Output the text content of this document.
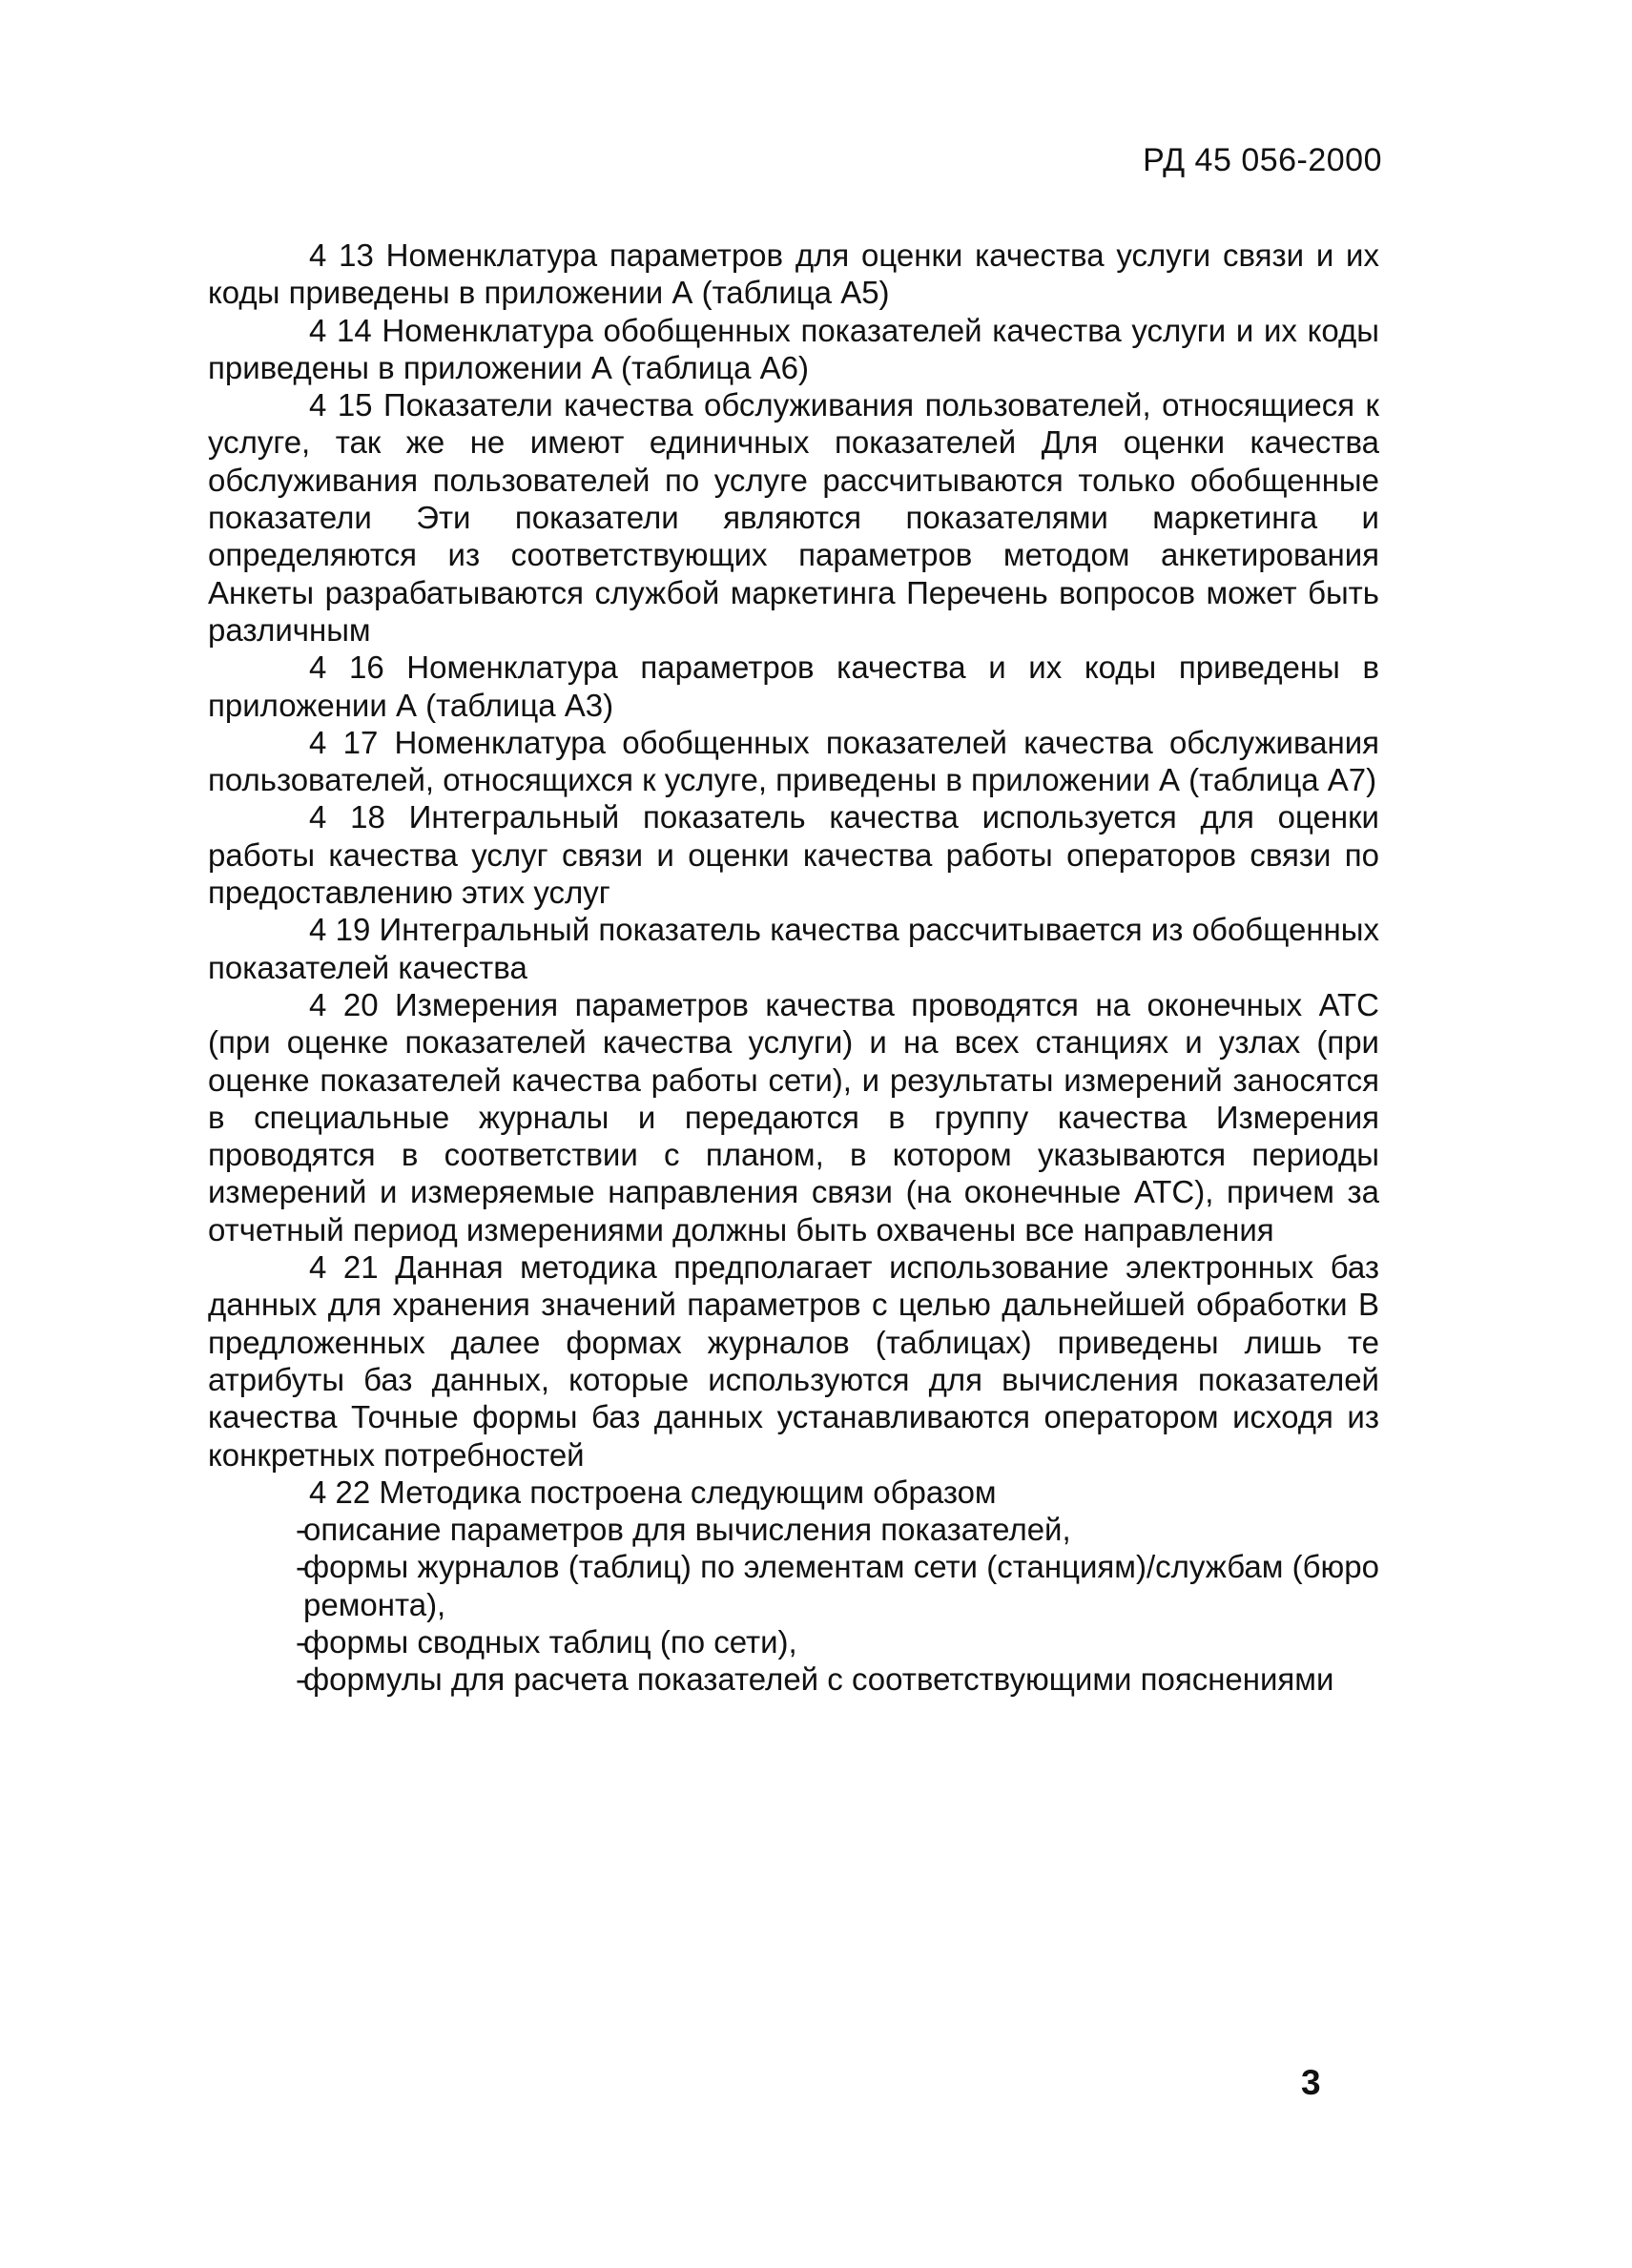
РД 45 056-2000

4 13 Номенклатура параметров для оценки качества услуги связи и их коды приведены в приложении А (таблица А5)

4 14 Номенклатура обобщенных показателей качества услуги и их коды приведены в приложении А (таблица А6)

4 15 Показатели качества обслуживания пользователей, относящиеся к услуге, так же не имеют единичных показателей Для оценки качества обслуживания пользователей по услуге рассчитываются только обобщенные показатели Эти показатели являются показателями маркетинга и определяются из соответствующих параметров методом анкетирования Анкеты разрабатываются службой маркетинга Перечень вопросов может быть различным

4 16 Номенклатура параметров качества и их коды приведены в приложении А (таблица А3)

4 17 Номенклатура обобщенных показателей качества обслуживания пользователей, относящихся к услуге, приведены в приложении А (таблица А7)

4 18 Интегральный показатель качества используется для оценки работы качества услуг связи и оценки качества работы операторов связи по предоставлению этих услуг

4 19 Интегральный показатель качества рассчитывается из обобщенных показателей качества

4 20 Измерения параметров качества проводятся на оконечных АТС (при оценке показателей качества услуги) и на всех станциях и узлах (при оценке показателей качества работы сети), и результаты измерений заносятся в специальные журналы и передаются в группу качества Измерения проводятся в соответствии с планом, в котором указываются периоды измерений и измеряемые направления связи (на оконечные АТС), причем за отчетный период измерениями должны быть охвачены все направления

4 21 Данная методика предполагает использование электронных баз данных для хранения значений параметров с целью дальнейшей обработки В предложенных далее формах журналов (таблицах) приведены лишь те атрибуты баз данных, которые используются для вычисления показателей качества Точные формы баз данных устанавливаются оператором исходя из конкретных потребностей

4 22 Методика построена следующим образом

-
описание параметров для вычисления показателей,
-
формы журналов (таблиц) по элементам сети (станциям)/службам (бюро ремонта),
-
формы сводных таблиц (по сети),
-
формулы для расчета показателей с соответствующими пояснениями
3
